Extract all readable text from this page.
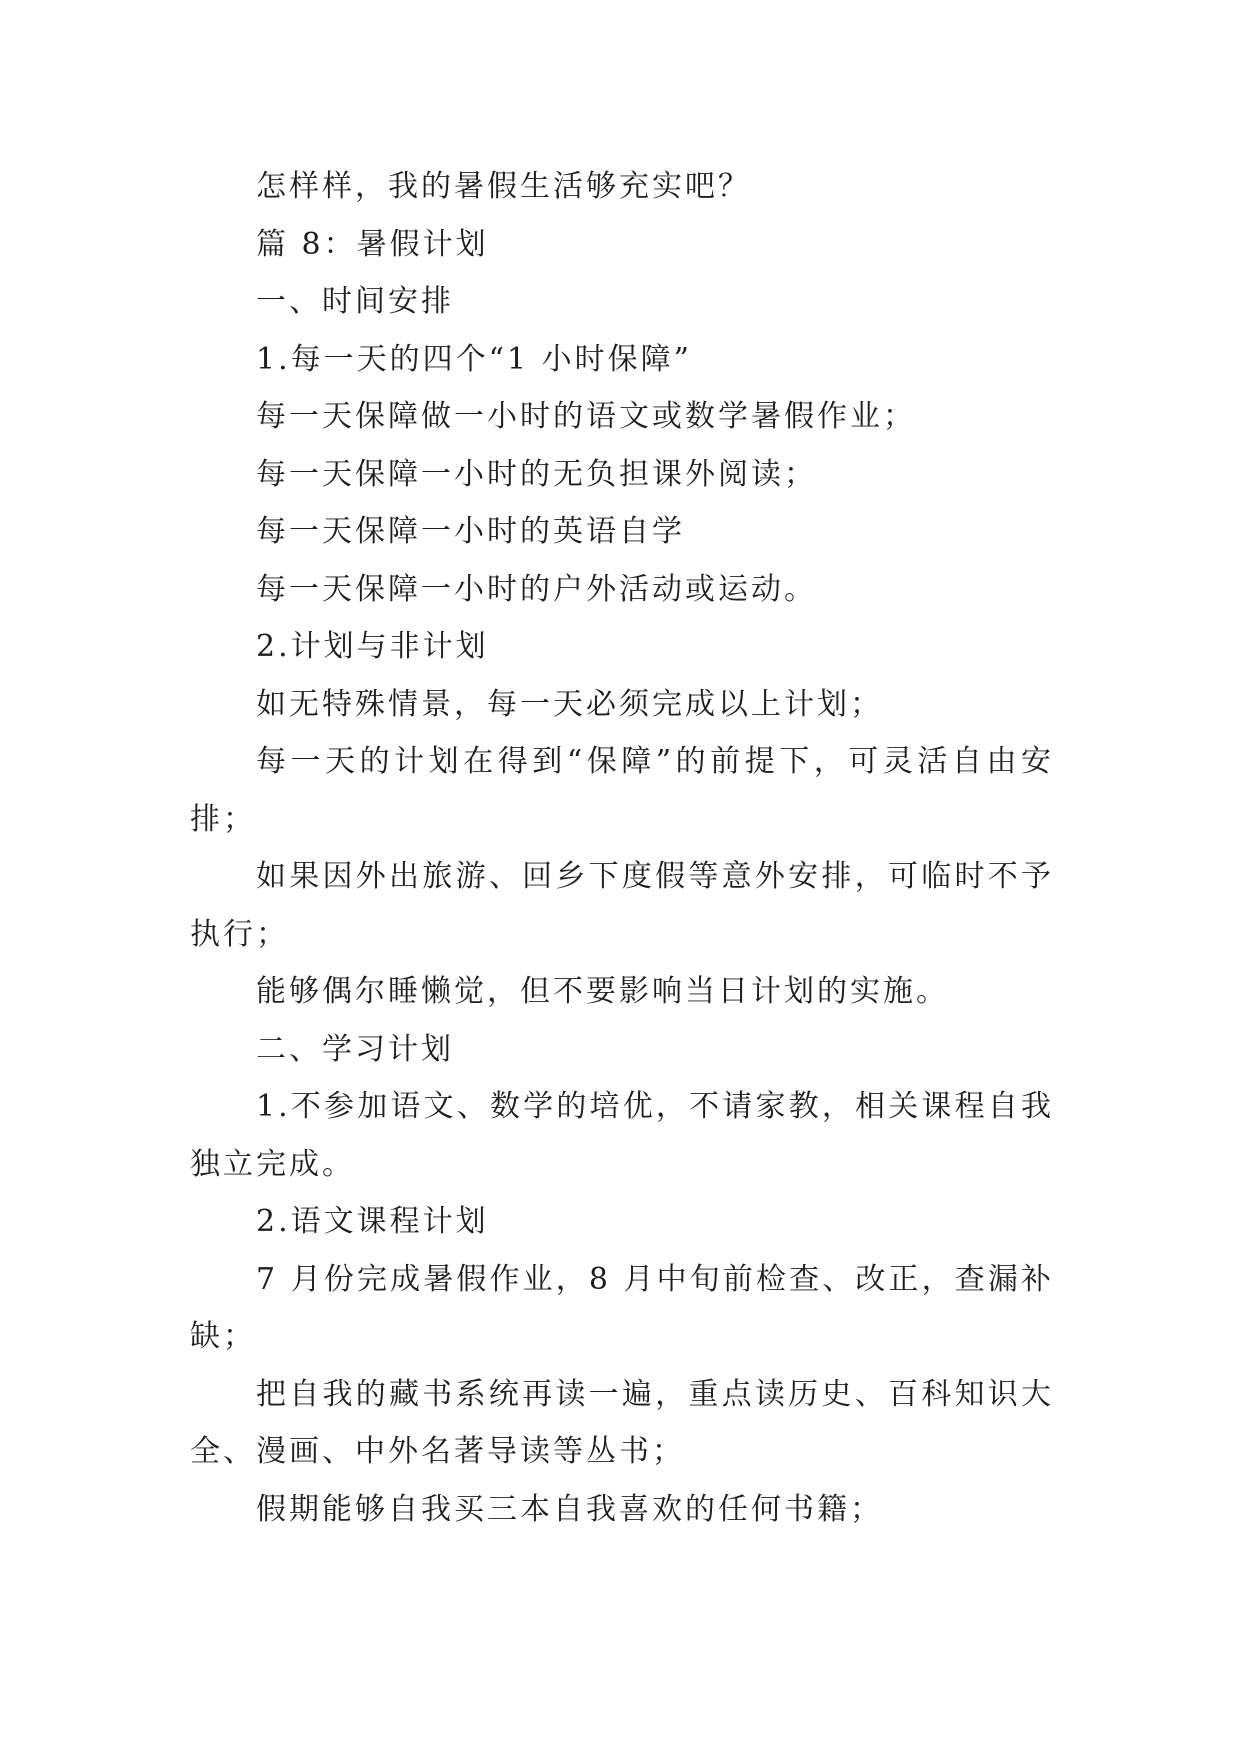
怎样样，我的暑假生活够充实吧？

篇 8：暑假计划

一、时间安排

1.每一天的四个“1 小时保障”

每一天保障做一小时的语文或数学暑假作业；

每一天保障一小时的无负担课外阅读；

每一天保障一小时的英语自学

每一天保障一小时的户外活动或运动。

2.计划与非计划

如无特殊情景，每一天必须完成以上计划；

每一天的计划在得到“保障”的前提下，可灵活自由安排；

如果因外出旅游、回乡下度假等意外安排，可临时不予执行；

能够偶尔睡懒觉，但不要影响当日计划的实施。

二、学习计划

1.不参加语文、数学的培优，不请家教，相关课程自我独立完成。

2.语文课程计划

7 月份完成暑假作业，8 月中旬前检查、改正，查漏补缺；

把自我的藏书系统再读一遍，重点读历史、百科知识大全、漫画、中外名著导读等丛书；

假期能够自我买三本自我喜欢的任何书籍；
